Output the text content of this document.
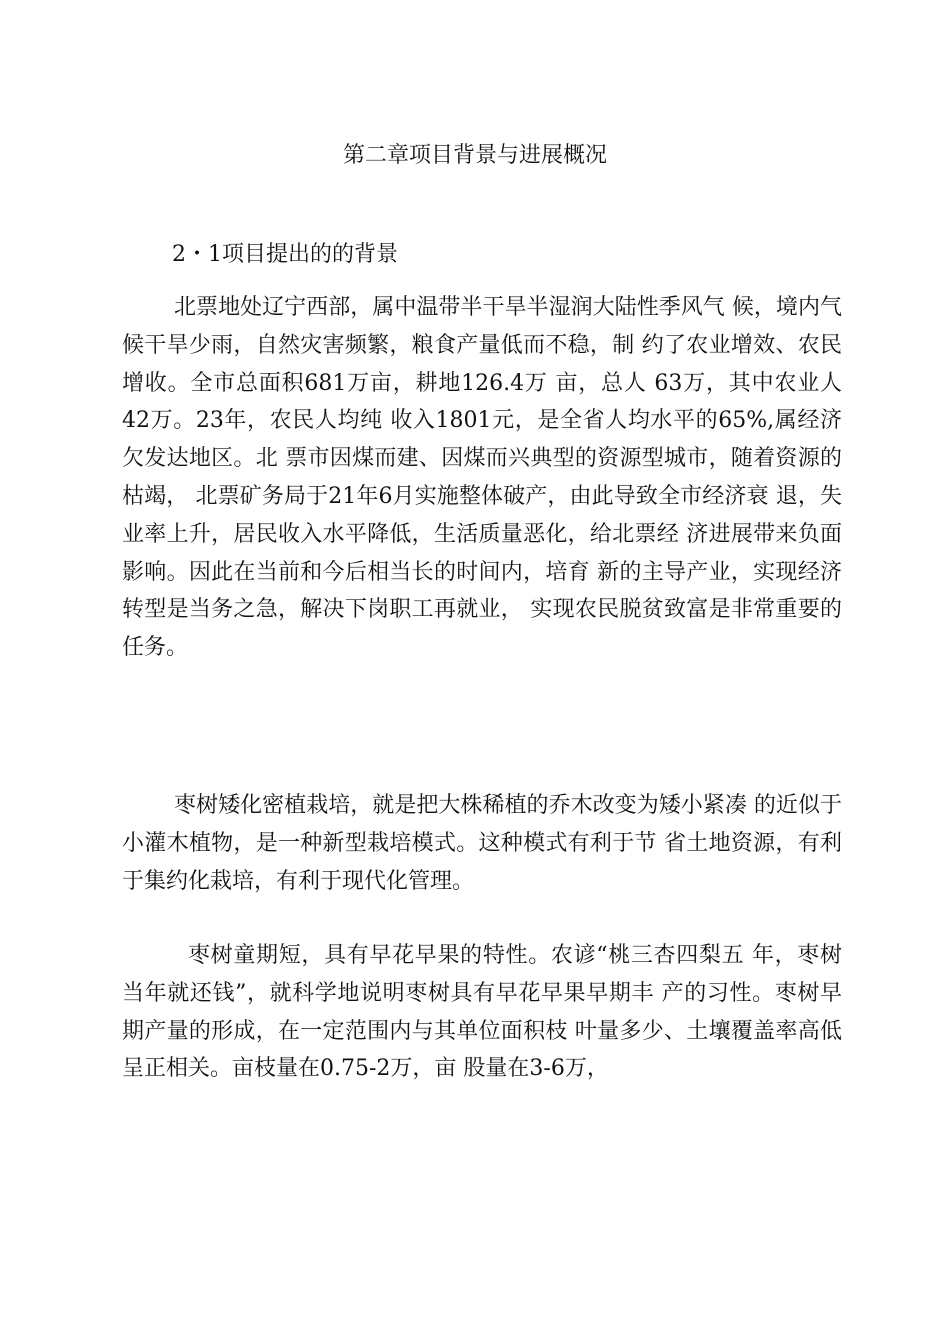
第二章项目背景与进展概况
2・1项目提出的的背景

北票地处辽宁西部，属中温带半干旱半湿润大陆性季风气 候，境内气候干旱少雨，自然灾害频繁，粮食产量低而不稳，制 约了农业增效、农民增收。全市总面积681万亩，耕地126.4万 亩，总人 63万，其中农业人 42万。23年，农民人均纯 收入1801元，是全省人均水平的65%,属经济欠发达地区。北 票市因煤而建、因煤而兴典型的资源型城市，随着资源的枯竭， 北票矿务局于21年6月实施整体破产，由此导致全市经济衰 退，失业率上升，居民收入水平降低，生活质量恶化，给北票经 济进展带来负面影响。因此在当前和今后相当长的时间内，培育 新的主导产业，实现经济转型是当务之急，解决下岗职工再就业， 实现农民脱贫致富是非常重要的任务。

枣树矮化密植栽培，就是把大株稀植的乔木改变为矮小紧凑 的近似于小灌木植物，是一种新型栽培模式。这种模式有利于节 省土地资源，有利于集约化栽培，有利于现代化管理。

枣树童期短，具有早花早果的特性。农谚“桃三杏四梨五 年，枣树当年就还钱”，就科学地说明枣树具有早花早果早期丰 产的习性。枣树早期产量的形成，在一定范围内与其单位面积枝 叶量多少、土壤覆盖率高低呈正相关。亩枝量在0.75-2万，亩 股量在3-6万，
